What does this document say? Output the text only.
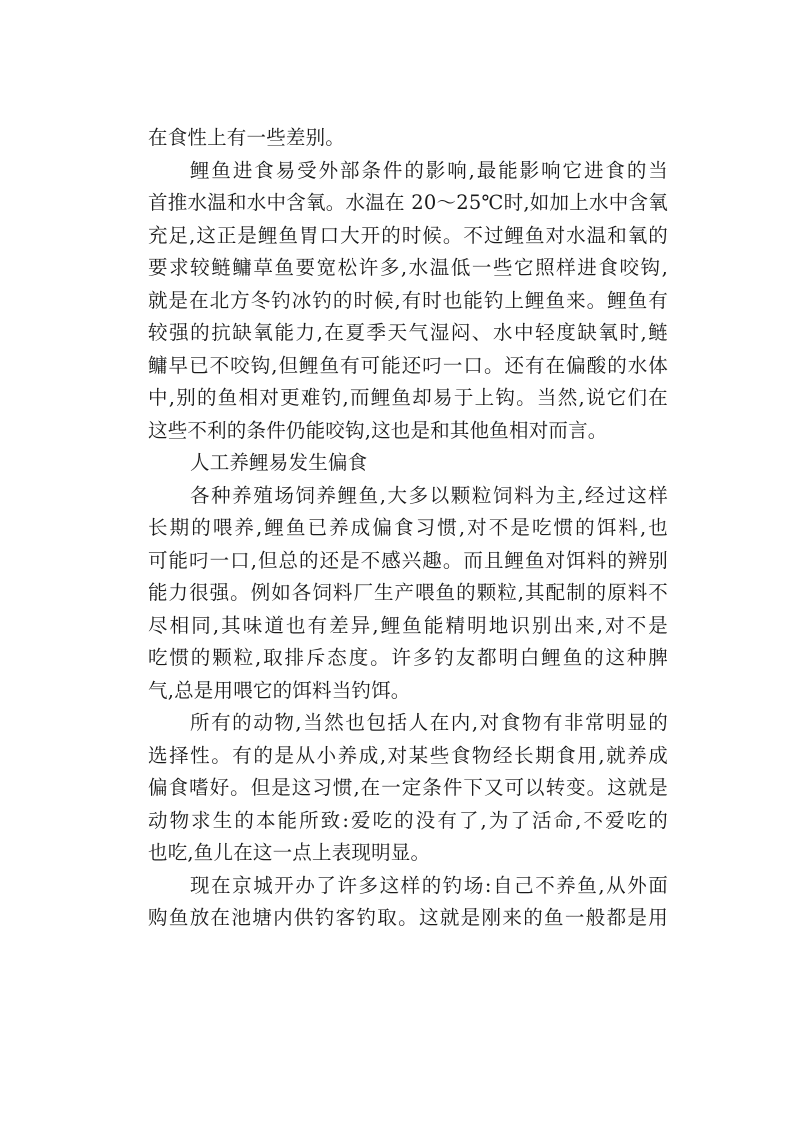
在食性上有一些差别。
鲤鱼进食易受外部条件的影响,最能影响它进食的当
首推水温和水中含氧。水温在 20～25℃时,如加上水中含氧
充足,这正是鲤鱼胃口大开的时候。不过鲤鱼对水温和氧的
要求较鲢鳙草鱼要宽松许多,水温低一些它照样进食咬钩,
就是在北方冬钓冰钓的时候,有时也能钓上鲤鱼来。鲤鱼有
较强的抗缺氧能力,在夏季天气湿闷、水中轻度缺氧时,鲢
鳙早已不咬钩,但鲤鱼有可能还叼一口。还有在偏酸的水体
中,别的鱼相对更难钓,而鲤鱼却易于上钩。当然,说它们在
这些不利的条件仍能咬钩,这也是和其他鱼相对而言。
人工养鲤易发生偏食
各种养殖场饲养鲤鱼,大多以颗粒饲料为主,经过这样
长期的喂养,鲤鱼已养成偏食习惯,对不是吃惯的饵料,也
可能叼一口,但总的还是不感兴趣。而且鲤鱼对饵料的辨别
能力很强。例如各饲料厂生产喂鱼的颗粒,其配制的原料不
尽相同,其味道也有差异,鲤鱼能精明地识别出来,对不是
吃惯的颗粒,取排斥态度。许多钓友都明白鲤鱼的这种脾
气,总是用喂它的饵料当钓饵。
所有的动物,当然也包括人在内,对食物有非常明显的
选择性。有的是从小养成,对某些食物经长期食用,就养成
偏食嗜好。但是这习惯,在一定条件下又可以转变。这就是
动物求生的本能所致:爱吃的没有了,为了活命,不爱吃的
也吃,鱼儿在这一点上表现明显。
现在京城开办了许多这样的钓场:自己不养鱼,从外面
购鱼放在池塘内供钓客钓取。这就是刚来的鱼一般都是用
